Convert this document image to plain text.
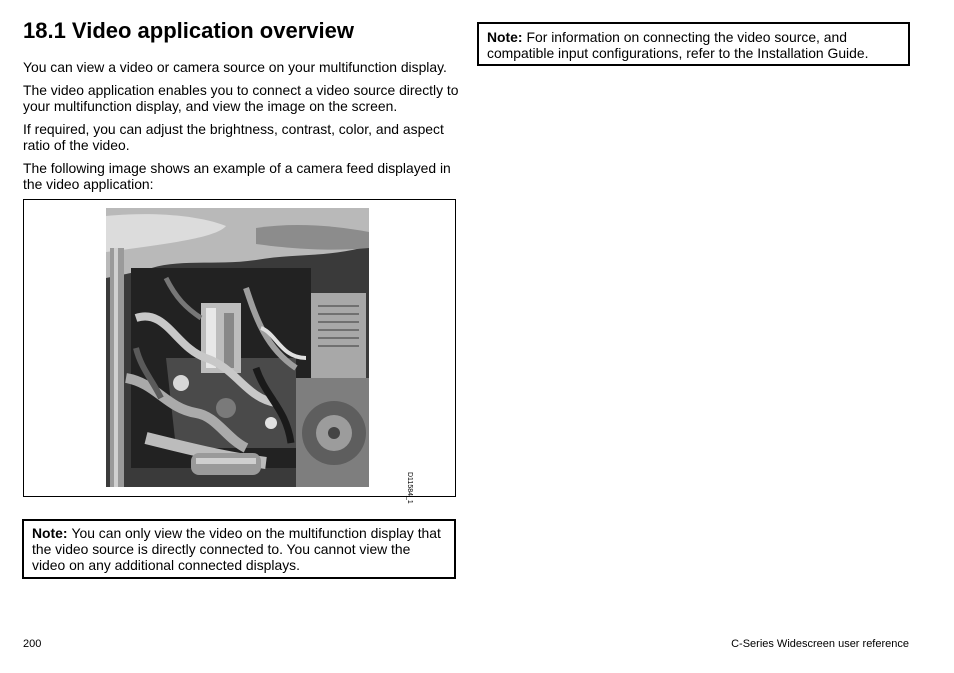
18.1 Video application overview

You can view a video or camera source on your multifunction display.

The video application enables you to connect a video source directly to your multifunction display, and view the image on the screen.

If required, you can adjust the brightness, contrast, color, and aspect ratio of the video.

The following image shows an example of a camera feed displayed in the video application:

D11584_1
Note: You can only view the video on the multifunction display that the video source is directly connected to. You cannot view the video on any additional connected displays.
Note: For information on connecting the video source, and compatible input configurations, refer to the Installation Guide.
200	C-Series Widescreen user reference
